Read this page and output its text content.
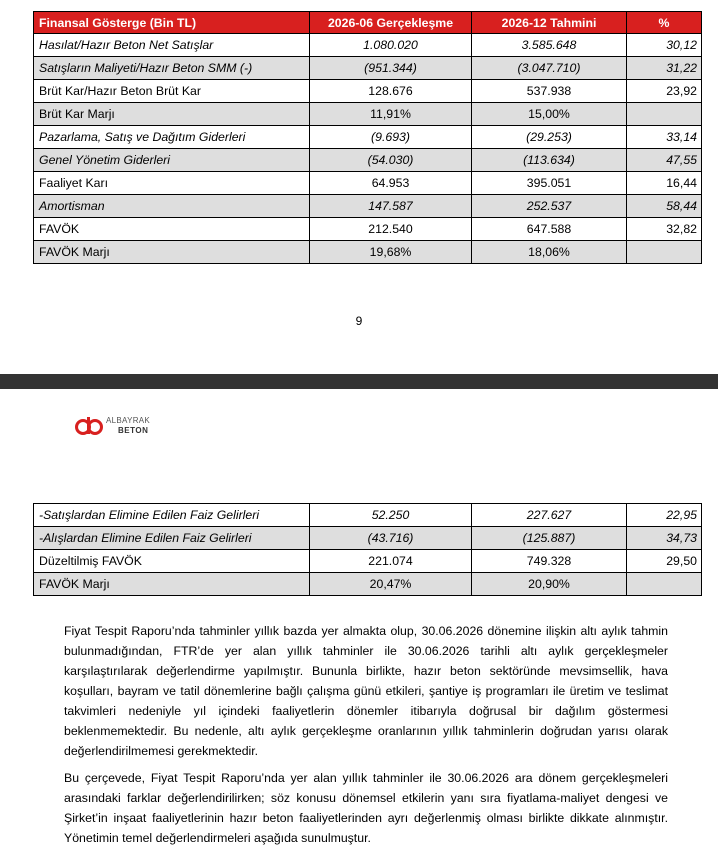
Finansal Gösterge (Bin TL)	2026-06 Gerçekleşme	2026-12 Tahmini	%
Hasılat/Hazır Beton Net Satışlar	1.080.020	3.585.648	30,12
Satışların Maliyeti/Hazır Beton SMM (-)	(951.344)	(3.047.710)	31,22
Brüt Kar/Hazır Beton Brüt Kar	128.676	537.938	23,92
Brüt Kar Marjı	11,91%	15,00%	
Pazarlama, Satış ve Dağıtım Giderleri	(9.693)	(29.253)	33,14
Genel Yönetim Giderleri	(54.030)	(113.634)	47,55
Faaliyet Karı	64.953	395.051	16,44
Amortisman	147.587	252.537	58,44
FAVÖK	212.540	647.588	32,82
FAVÖK Marjı	19,68%	18,06%	
9
ALBAYRAK
BETON
-Satışlardan Elimine Edilen Faiz Gelirleri	52.250	227.627	22,95
-Alışlardan Elimine Edilen Faiz Gelirleri	(43.716)	(125.887)	34,73
Düzeltilmiş FAVÖK	221.074	749.328	29,50
FAVÖK Marjı	20,47%	20,90%	

Fiyat Tespit Raporu’nda tahminler yıllık bazda yer almakta olup, 30.06.2026 dönemine ilişkin altı aylık tahmin bulunmadığından, FTR’de yer alan yıllık tahminler ile 30.06.2026 tarihli altı aylık gerçekleşmeler karşılaştırılarak değerlendirme yapılmıştır. Bununla birlikte, hazır beton sektöründe mevsimsellik, hava koşulları, bayram ve tatil dönemlerine bağlı çalışma günü etkileri, şantiye iş programları ile üretim ve teslimat takvimleri nedeniyle yıl içindeki faaliyetlerin dönemler itibarıyla doğrusal bir dağılım göstermesi beklenmemektedir. Bu nedenle, altı aylık gerçekleşme oranlarının yıllık tahminlerin doğrudan yarısı olarak değerlendirilmemesi gerekmektedir.

Bu çerçevede, Fiyat Tespit Raporu’nda yer alan yıllık tahminler ile 30.06.2026 ara dönem gerçekleşmeleri arasındaki farklar değerlendirilirken; söz konusu dönemsel etkilerin yanı sıra fiyatlama-maliyet dengesi ve Şirket’in inşaat faaliyetlerinin hazır beton faaliyetlerinden ayrı değerlenmiş olması birlikte dikkate alınmıştır. Yönetimin temel değerlendirmeleri aşağıda sunulmuştur.
